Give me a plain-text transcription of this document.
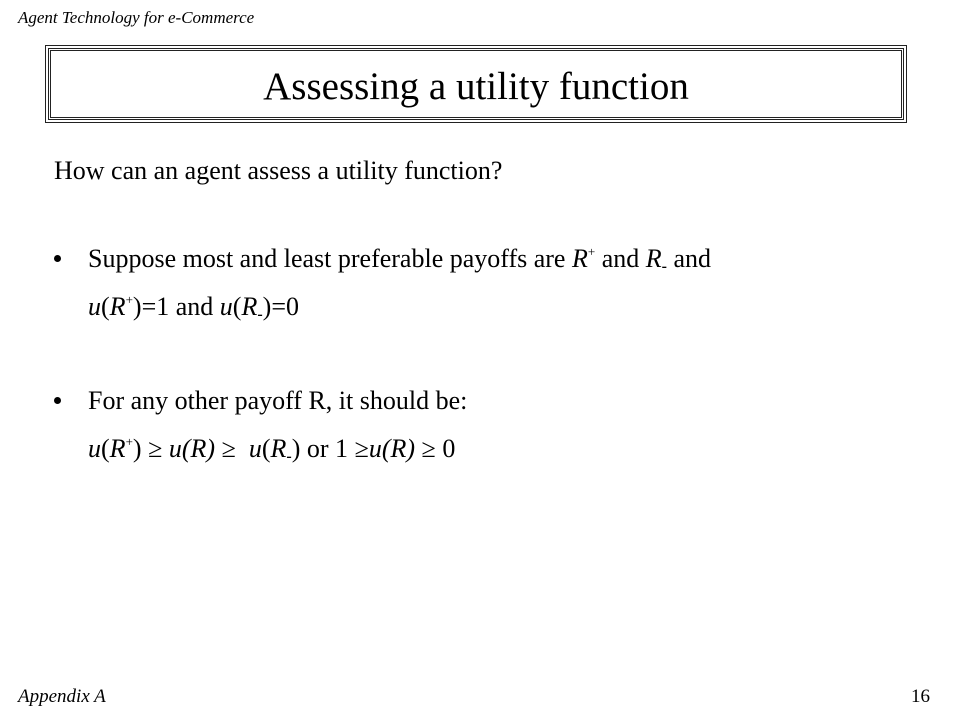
Agent Technology for e-Commerce
Assessing a utility function
How can an agent assess a utility function?
Suppose most and least preferable payoffs are R+ and $R_-$ and
u(R+)=1 and $u(R_-)=0$
For any other payoff R, it should be:
$u(R^+) \ge u(R) \ge u(R_-)$ or 1 ≥u(R) ≥ 0
Appendix A	16
